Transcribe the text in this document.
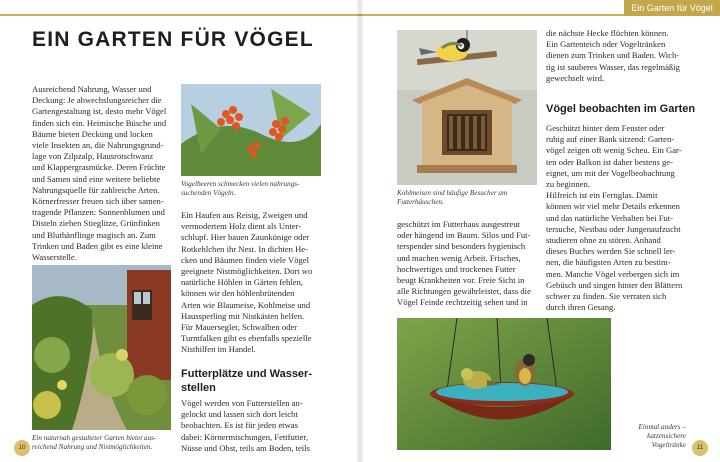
Ein Garten für Vögel
EIN GARTEN FÜR VÖGEL
Ausreichend Nahrung, Wasser und
Deckung: Je abwechslungsreicher die
Gartengestaltung ist, desto mehr Vögel
finden sich ein. Heimische Büsche und
Bäume bieten Deckung und locken
viele Insekten an, die Nahrungsgrund-
lage von Zilpzalp, Hausrotschwanz
und Klappergrasmücke. Deren Früchte
und Samen sind eine weitere beliebte
Nahrungsquelle für zahlreiche Arten.
Körnerfresser freuen sich über samen-
tragende Pflanzen: Sonnenblumen und
Disteln ziehen Stieglitze, Grünfinken
und Bluthänflinge magisch an. Zum
Trinken und Baden gibt es eine kleine
Wasserstelle.
Ein naturnah gestalteter Garten bietet aus-
reichend Nahrung und Nistmöglichkeiten.
Vogelbeeren schmecken vielen nahrungs-
suchenden Vögeln.
Ein Haufen aus Reisig, Zweigen und
vermodertem Holz dient als Unter-
schlupf. Hier bauen Zaunkönige oder
Rotkehlchen ihr Nest. In dichten He-
cken und Bäumen finden viele Vögel
geeignete Nistmöglichkeiten. Dort wo
natürliche Höhlen in Gärten fehlen,
können wir den höhlenbrütenden
Arten wie Blaumeise, Kohlmeise und
Haussperling mit Nistkästen helfen.
Für Mauersegler, Schwalben oder
Turmfalken gibt es ebenfalls spezielle
Nisthilfen im Handel.
Futterplätze und Wasser-
stellen
Vögel werden von Futterstellen an-
gelockt und lassen sich dort leicht
beobachten. Es ist für jeden etwas
dabei: Körnermischungen, Fettfutter,
Nüsse und Obst, teils am Boden, teils
10
Kohlmeisen sind häufige Besucher am
Futterhäuschen.
geschützt im Futterhaus ausgestreut
oder hängend im Baum. Silos und Fut-
terspender sind besonders hygienisch
und machen wenig Arbeit. Frisches,
hochwertiges und trockenes Futter
beugt Krankheiten vor. Freie Sicht in
alle Richtungen gewährleistet, dass die
Vögel Feinde rechtzeitig sehen und in
die nächste Hecke flüchten können.
Ein Gartenteich oder Vogeltränken
dienen zum Trinken und Baden. Wich-
tig ist sauberes Wasser, das regelmäßig
gewechselt wird.
Vögel beobachten im Garten
Geschützt hinter dem Fenster oder
ruhig auf einer Bank sitzend: Garten-
vögel zeigen oft wenig Scheu. Ein Gar-
ten oder Balkon ist daher bestens ge-
eignet, um mit der Vogelbeobachtung
zu beginnen.
Hilfreich ist ein Fernglas. Damit
können wir viel mehr Details erkennen
und das natürliche Verhalten bei Fut-
tersuche, Nestbau oder Jungenaufzucht
studieren ohne zu stören. Anhand
dieses Buches werden Sie schnell ler-
nen, die häufigsten Arten zu bestim-
men. Manche Vögel verbergen sich im
Gebüsch und singen hinter den Blättern
schwer zu finden. Sie verraten sich
durch ihren Gesang.
Einmal anders –
katzensichere
Vogeltränke	11
